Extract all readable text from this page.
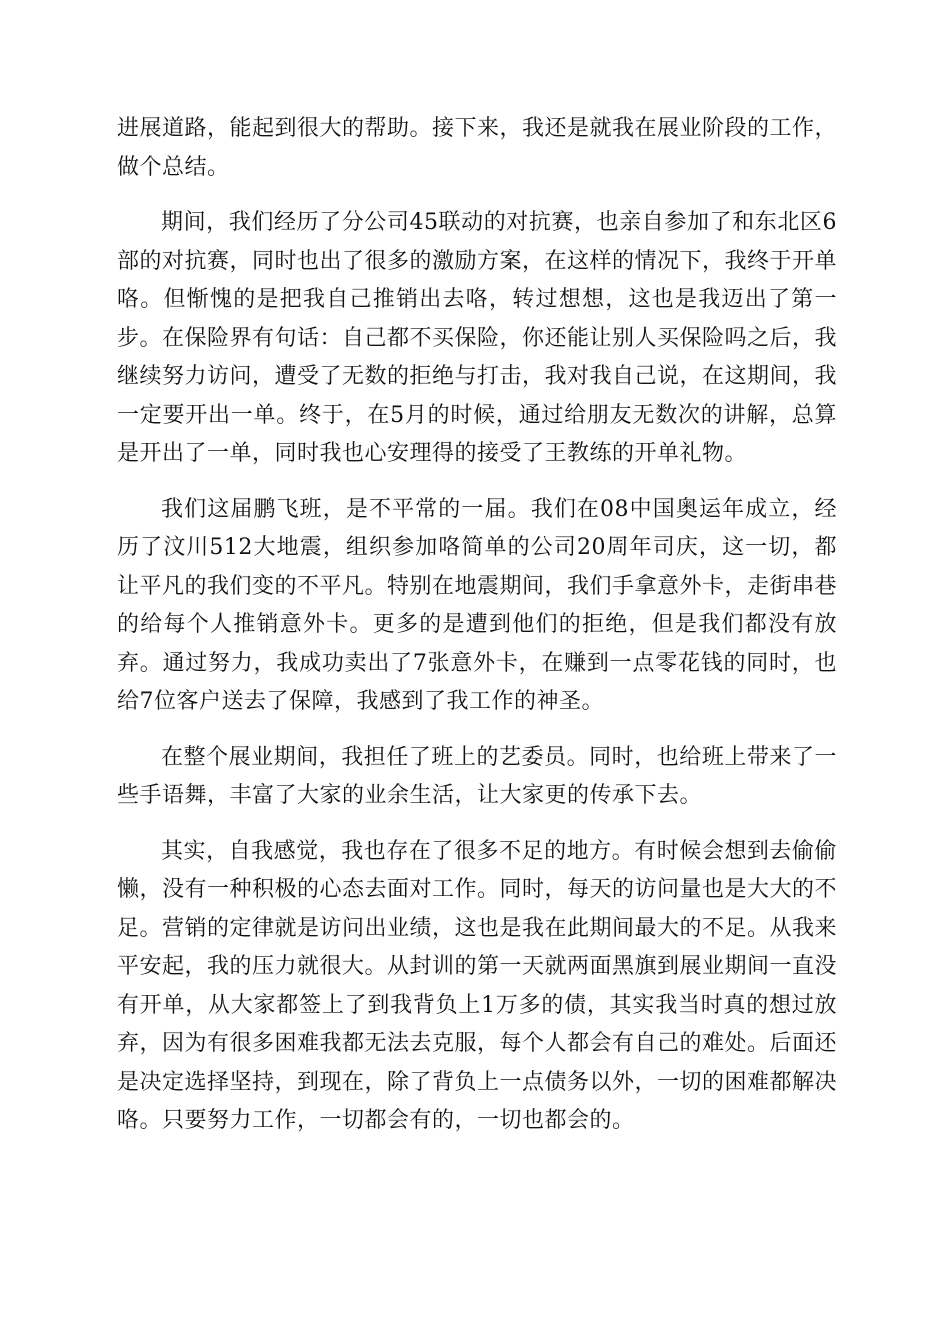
进展道路，能起到很大的帮助。接下来，我还是就我在展业阶段的工作，做个总结。

期间，我们经历了分公司45联动的对抗赛，也亲自参加了和东北区6部的对抗赛，同时也出了很多的激励方案，在这样的情况下，我终于开单咯。但惭愧的是把我自己推销出去咯，转过想想，这也是我迈出了第一步。在保险界有句话：自己都不买保险，你还能让别人买保险吗之后，我继续努力访问，遭受了无数的拒绝与打击，我对我自己说，在这期间，我一定要开出一单。终于，在5月的时候，通过给朋友无数次的讲解，总算是开出了一单，同时我也心安理得的接受了王教练的开单礼物。

我们这届鹏飞班，是不平常的一届。我们在08中国奥运年成立，经历了汶川512大地震，组织参加咯简单的公司20周年司庆，这一切，都让平凡的我们变的不平凡。特别在地震期间，我们手拿意外卡，走街串巷的给每个人推销意外卡。更多的是遭到他们的拒绝，但是我们都没有放弃。通过努力，我成功卖出了7张意外卡，在赚到一点零花钱的同时，也给7位客户送去了保障，我感到了我工作的神圣。

在整个展业期间，我担任了班上的艺委员。同时，也给班上带来了一些手语舞，丰富了大家的业余生活，让大家更的传承下去。

其实，自我感觉，我也存在了很多不足的地方。有时候会想到去偷偷懒，没有一种积极的心态去面对工作。同时，每天的访问量也是大大的不足。营销的定律就是访问出业绩，这也是我在此期间最大的不足。从我来平安起，我的压力就很大。从封训的第一天就两面黑旗到展业期间一直没有开单，从大家都签上了到我背负上1万多的债，其实我当时真的想过放弃，因为有很多困难我都无法去克服，每个人都会有自己的难处。后面还是决定选择坚持，到现在，除了背负上一点债务以外，一切的困难都解决咯。只要努力工作，一切都会有的，一切也都会的。
